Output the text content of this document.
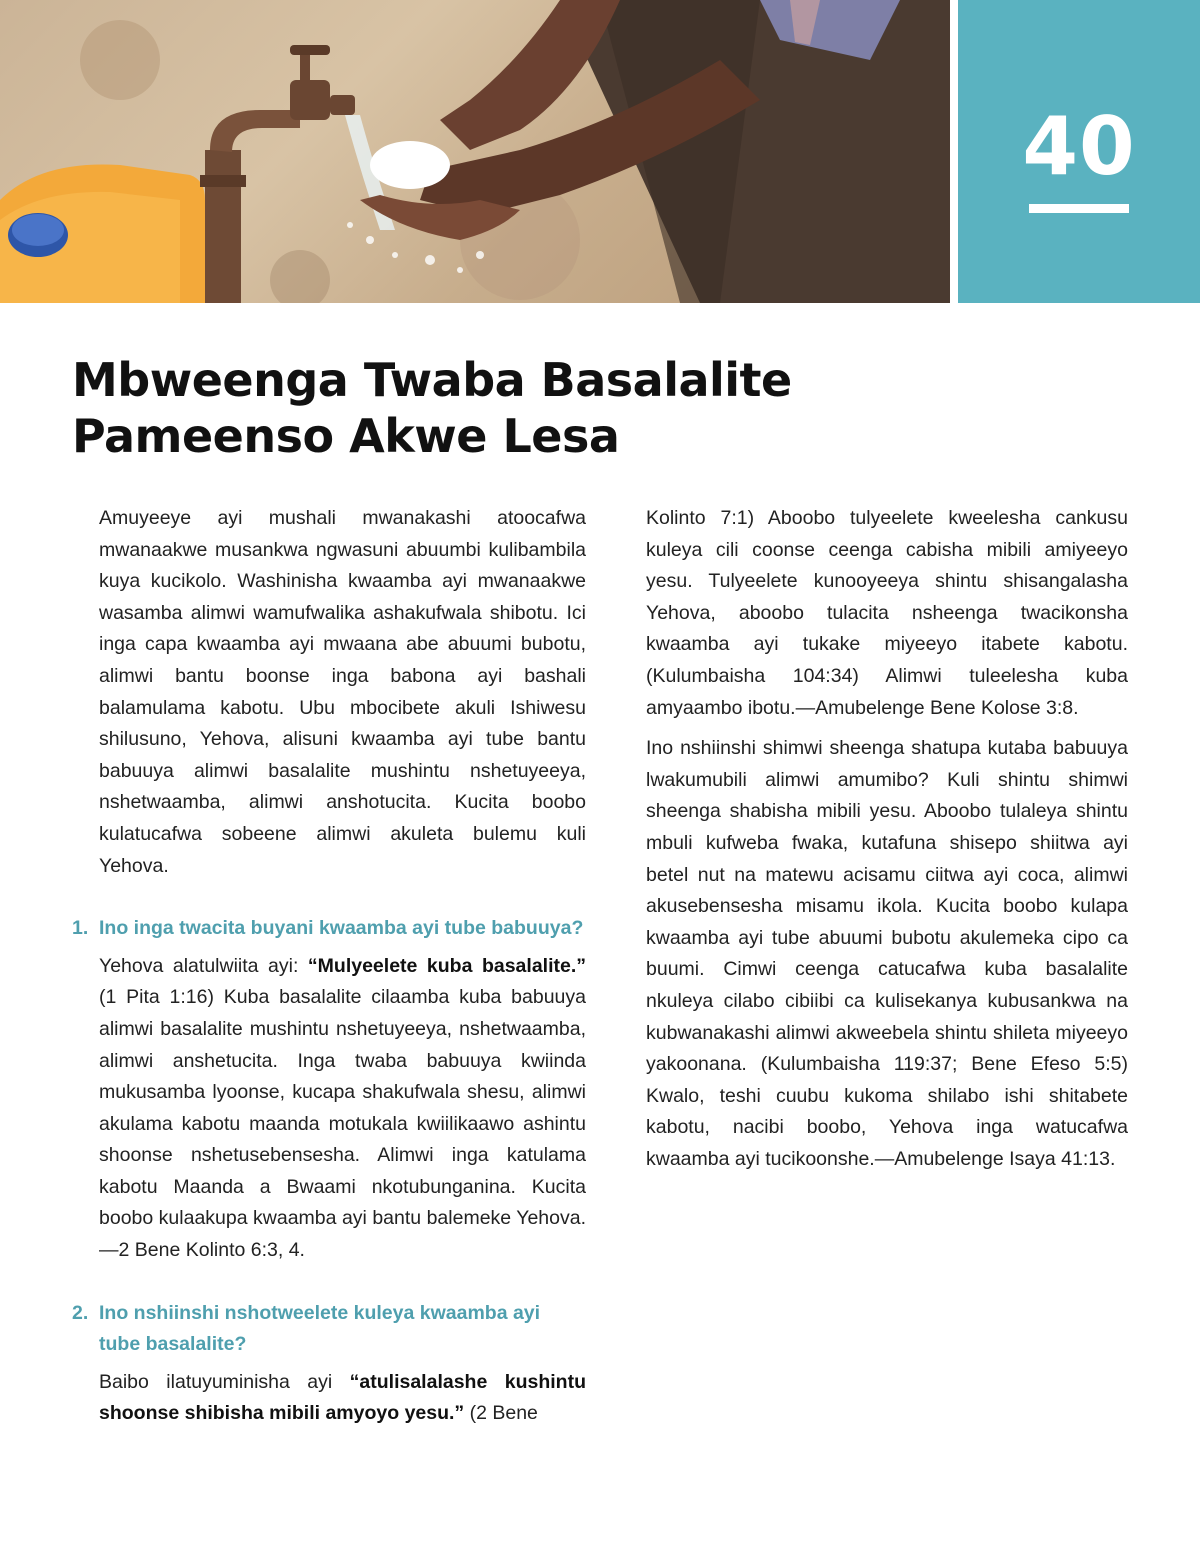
40
Mbweenga Twaba Basalalite
Pameenso Akwe Lesa

Amuyeeye ayi mushali mwanakashi atoocafwa mwanaakwe musankwa ngwasuni abuumbi kulibambila kuya kucikolo. Washinisha kwaamba ayi mwanaakwe wasamba alimwi wamufwalika ashakufwala shibotu. Ici inga capa kwaamba ayi mwaana abe abuumi bubotu, alimwi bantu boonse inga babona ayi bashali balamulama kabotu. Ubu mbocibete akuli Ishiwesu shilusuno, Yehova, alisuni kwaamba ayi tube bantu babuuya alimwi basalalite mushintu nshetuyeeya, nshetwaamba, alimwi anshotucita. Kucita boobo kulatucafwa sobeene alimwi akuleta bulemu kuli Yehova.

1. Ino inga twacita buyani kwaamba ayi tube babuuya?

Yehova alatulwiita ayi: “Mulyeelete kuba basalalite.” (1 Pita 1:16) Kuba basalalite cilaamba kuba babuuya alimwi basalalite mushintu nshetuyeeya, nshetwaamba, alimwi anshetucita. Inga twaba babuuya kwiinda mukusamba lyoonse, kucapa shakufwala shesu, alimwi akulama kabotu maanda motukala kwiilikaawo ashintu shoonse nshetusebensesha. Alimwi inga katulama kabotu Maanda a Bwaami nkotubunganina. Kucita boobo kulaakupa kwaamba ayi bantu balemeke Yehova.—2 Bene Kolinto 6:3, 4.

2. Ino nshiinshi nshotweelete kuleya kwaamba ayi tube basalalite?

Baibo ilatuyuminisha ayi “atulisalalashe kushintu shoonse shibisha mibili amyoyo yesu.” (2 Bene

Kolinto 7:1) Aboobo tulyeelete kweelesha cankusu kuleya cili coonse ceenga cabisha mibili amiyeeyo yesu. Tulyeelete kunooyeeya shintu shisangalasha Yehova, aboobo tulacita nsheenga twacikonsha kwaamba ayi tukake miyeeyo itabete kabotu. (Kulumbaisha 104:34) Alimwi tuleelesha kuba amyaambo ibotu.—Amubelenge Bene Kolose 3:8.

Ino nshiinshi shimwi sheenga shatupa kutaba babuuya lwakumubili alimwi amumibo? Kuli shintu shimwi sheenga shabisha mibili yesu. Aboobo tulaleya shintu mbuli kufweba fwaka, kutafuna shisepo shiitwa ayi betel nut na matewu acisamu ciitwa ayi coca, alimwi akusebensesha misamu ikola. Kucita boobo kulapa kwaamba ayi tube abuumi bubotu akulemeka cipo ca buumi. Cimwi ceenga catucafwa kuba basalalite nkuleya cilabo cibiibi ca kulisekanya kubusankwa na kubwanakashi alimwi akweebela shintu shileta miyeeyo yakoonana. (Kulumbaisha 119:37; Bene Efeso 5:5) Kwalo, teshi cuubu kukoma shilabo ishi shitabete kabotu, nacibi boobo, Yehova inga watucafwa kwaamba ayi tucikoonshe.—Amubelenge Isaya 41:13.
